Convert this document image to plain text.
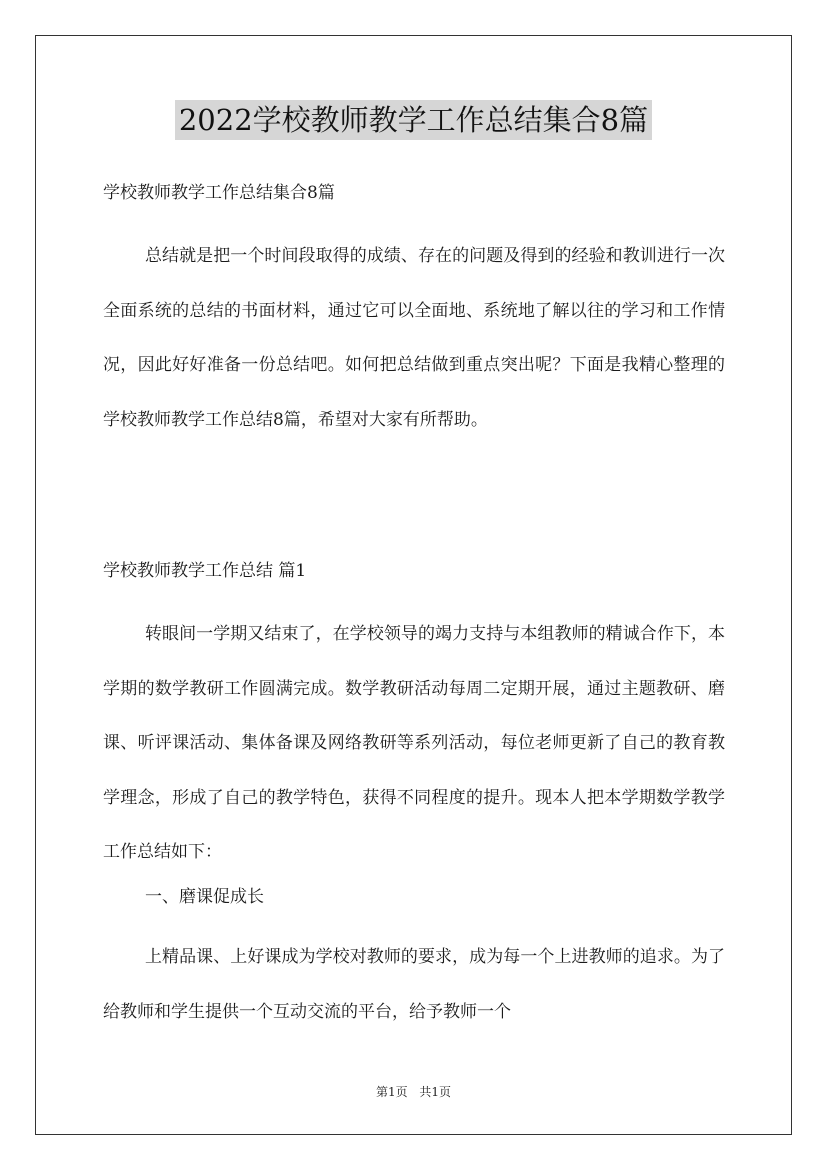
2022学校教师教学工作总结集合8篇
学校教师教学工作总结集合8篇
总结就是把一个时间段取得的成绩、存在的问题及得到的经验和教训进行一次全面系统的总结的书面材料，通过它可以全面地、系统地了解以往的学习和工作情况，因此好好准备一份总结吧。如何把总结做到重点突出呢？下面是我精心整理的学校教师教学工作总结8篇，希望对大家有所帮助。
学校教师教学工作总结 篇1
转眼间一学期又结束了，在学校领导的竭力支持与本组教师的精诚合作下，本学期的数学教研工作圆满完成。数学教研活动每周二定期开展，通过主题教研、磨课、听评课活动、集体备课及网络教研等系列活动，每位老师更新了自己的教育教学理念，形成了自己的教学特色，获得不同程度的提升。现本人把本学期数学教学工作总结如下：
一、磨课促成长
上精品课、上好课成为学校对教师的要求，成为每一个上进教师的追求。为了给教师和学生提供一个互动交流的平台，给予教师一个
第1页 共1页
